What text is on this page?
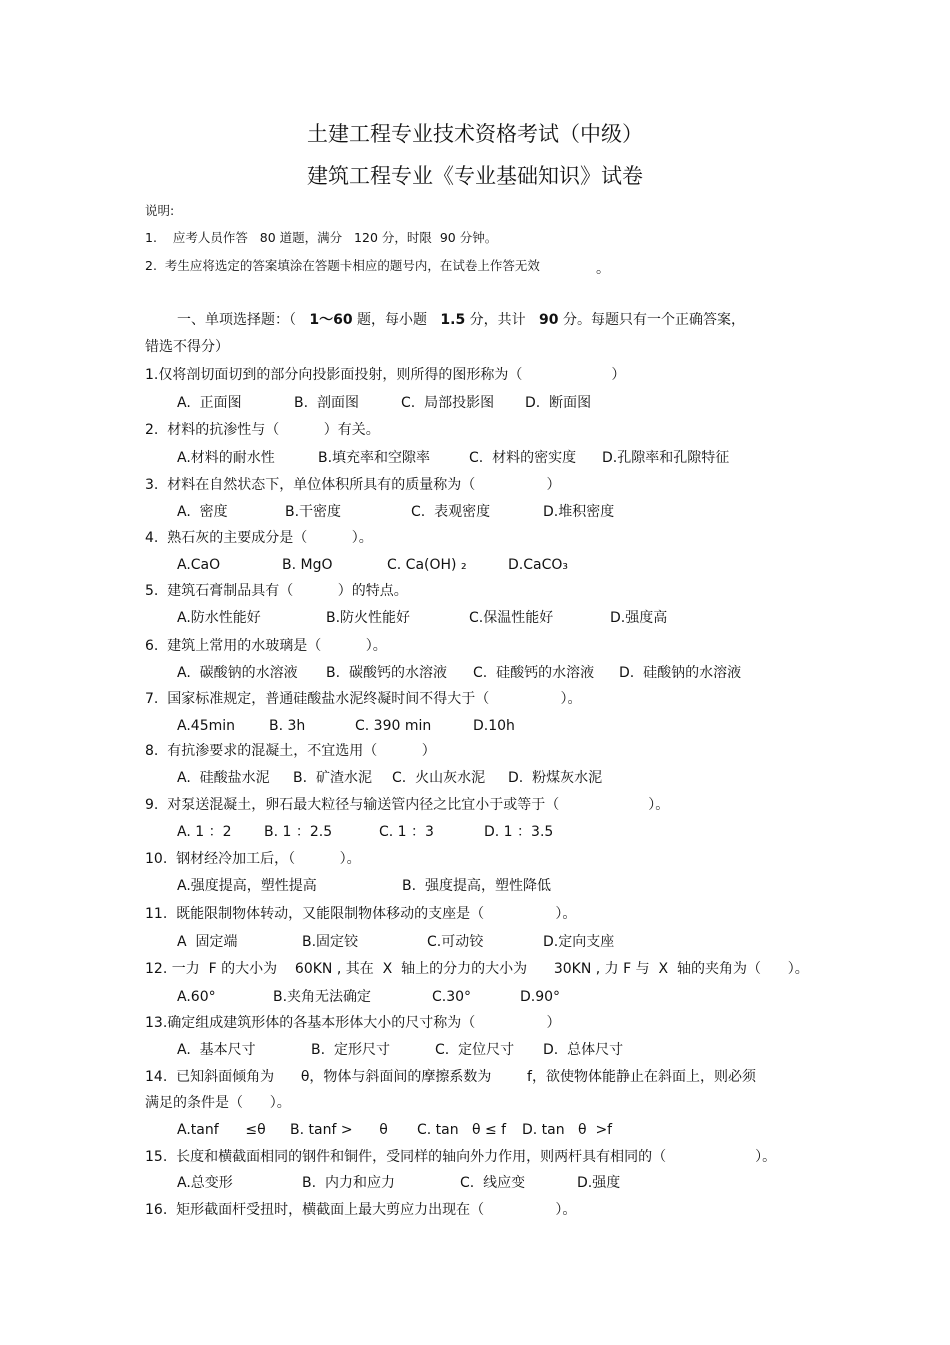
土建工程专业技术资格考试（中级）
建筑工程专业《专业基础知识》试卷
说明:
1.    应考人员作答   80 道题，满分   120 分，时限  90 分钟。
2.  考生应将选定的答案填涂在答题卡相应的题号内，在试卷上作答无效	。
一、单项选择题：（ 1～60 题，每小题 1.5 分，共计 90 分。每题只有一个正确答案，
错选不得分）
1.仅将剖切面切到的部分向投影面投射，则所得的图形称为（                    ）
A.  正面图	B.  剖面图	C.  局部投影图 D.  断面图
2.  材料的抗渗性与（          ）有关。
A.材料的耐水性	B.填充率和空隙率	C.  材料的密实度 D.孔隙率和孔隙特征
3.  材料在自然状态下，单位体积所具有的质量称为（                ）
A.  密度	B.干密度	C.  表观密度	D.堆积密度
4.  熟石灰的主要成分是（          ）。
A.CaO	B. MgO	C. Ca(OH) ₂	D.CaCO₃
5.  建筑石膏制品具有（          ）的特点。
A.防水性能好	B.防火性能好	C.保温性能好	D.强度高
6.  建筑上常用的水玻璃是（          ）。
A.  碳酸钠的水溶液 B.  碳酸钙的水溶液 C.  硅酸钙的水溶液 D.  硅酸钠的水溶液
7.  国家标准规定，普通硅酸盐水泥终凝时间不得大于（                ）。
A.45min B. 3h	C. 390 min	D.10h
8.  有抗渗要求的混凝土，不宜选用（          ）
A.  硅酸盐水泥 B.  矿渣水泥 C.  火山灰水泥 D.  粉煤灰水泥
9.  对泵送混凝土，卵石最大粒径与输送管内径之比宜小于或等于（                    ）。
A. 1 ：2 B. 1 ：2.5	C. 1 ：3	D. 1 ：3.5
10.  钢材经冷加工后，（          ）。
A.强度提高，塑性提高	B.  强度提高，塑性降低
11.  既能限制物体转动，又能限制物体移动的支座是（                ）。
A  固定端	B.固定铰	C.可动铰	D.定向支座
12. 一力  F 的大小为    60KN , 其在  X  轴上的分力的大小为      30KN , 力 F 与  X  轴的夹角为（      ）。
A.60°	B.夹角无法确定	C.30°	D.90°
13.确定组成建筑形体的各基本形体大小的尺寸称为（                ）
A.  基本尺寸	B.  定形尺寸	C.  定位尺寸 D.  总体尺寸
14.  已知斜面倾角为      θ，物体与斜面间的摩擦系数为        f，欲使物体能静止在斜面上，则必须
满足的条件是（      ）。
A.tanf      ≤θ B. tanf >      θ C. tan   θ ≤ f D. tan   θ  >f
15.  长度和横截面相同的钢件和铜件，受同样的轴向外力作用，则两杆具有相同的（                    ）。
A.总变形	B.  内力和应力	C.  线应变	D.强度
16.  矩形截面杆受扭时，横截面上最大剪应力出现在（                ）。
